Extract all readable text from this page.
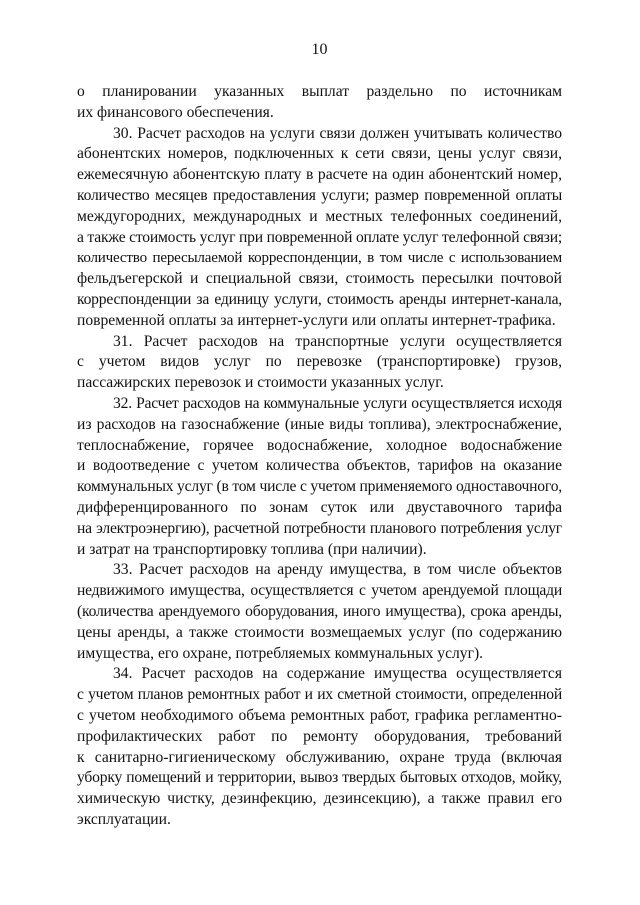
10

о планировании указанных выплат раздельно по источникам
их финансового обеспечения.

30. Расчет расходов на услуги связи должен учитывать количество
абонентских номеров, подключенных к сети связи, цены услуг связи,
ежемесячную абонентскую плату в расчете на один абонентский номер,
количество месяцев предоставления услуги; размер повременной оплаты
междугородних, международных и местных телефонных соединений,
а также стоимость услуг при повременной оплате услуг телефонной связи;
количество пересылаемой корреспонденции, в том числе с использованием
фельдъегерской и специальной связи, стоимость пересылки почтовой
корреспонденции за единицу услуги, стоимость аренды интернет-канала,
повременной оплаты за интернет-услуги или оплаты интернет-трафика.

31. Расчет расходов на транспортные услуги осуществляется
с учетом видов услуг по перевозке (транспортировке) грузов,
пассажирских перевозок и стоимости указанных услуг.

32. Расчет расходов на коммунальные услуги осуществляется исходя
из расходов на газоснабжение (иные виды топлива), электроснабжение,
теплоснабжение, горячее водоснабжение, холодное водоснабжение
и водоотведение с учетом количества объектов, тарифов на оказание
коммунальных услуг (в том числе с учетом применяемого одноставочного,
дифференцированного по зонам суток или двуставочного тарифа
на электроэнергию), расчетной потребности планового потребления услуг
и затрат на транспортировку топлива (при наличии).

33. Расчет расходов на аренду имущества, в том числе объектов
недвижимого имущества, осуществляется с учетом арендуемой площади
(количества арендуемого оборудования, иного имущества), срока аренды,
цены аренды, а также стоимости возмещаемых услуг (по содержанию
имущества, его охране, потребляемых коммунальных услуг).

34. Расчет расходов на содержание имущества осуществляется
с учетом планов ремонтных работ и их сметной стоимости, определенной
с учетом необходимого объема ремонтных работ, графика регламентно-
профилактических работ по ремонту оборудования, требований
к санитарно-гигиеническому обслуживанию, охране труда (включая
уборку помещений и территории, вывоз твердых бытовых отходов, мойку,
химическую чистку, дезинфекцию, дезинсекцию), а также правил его
эксплуатации.
